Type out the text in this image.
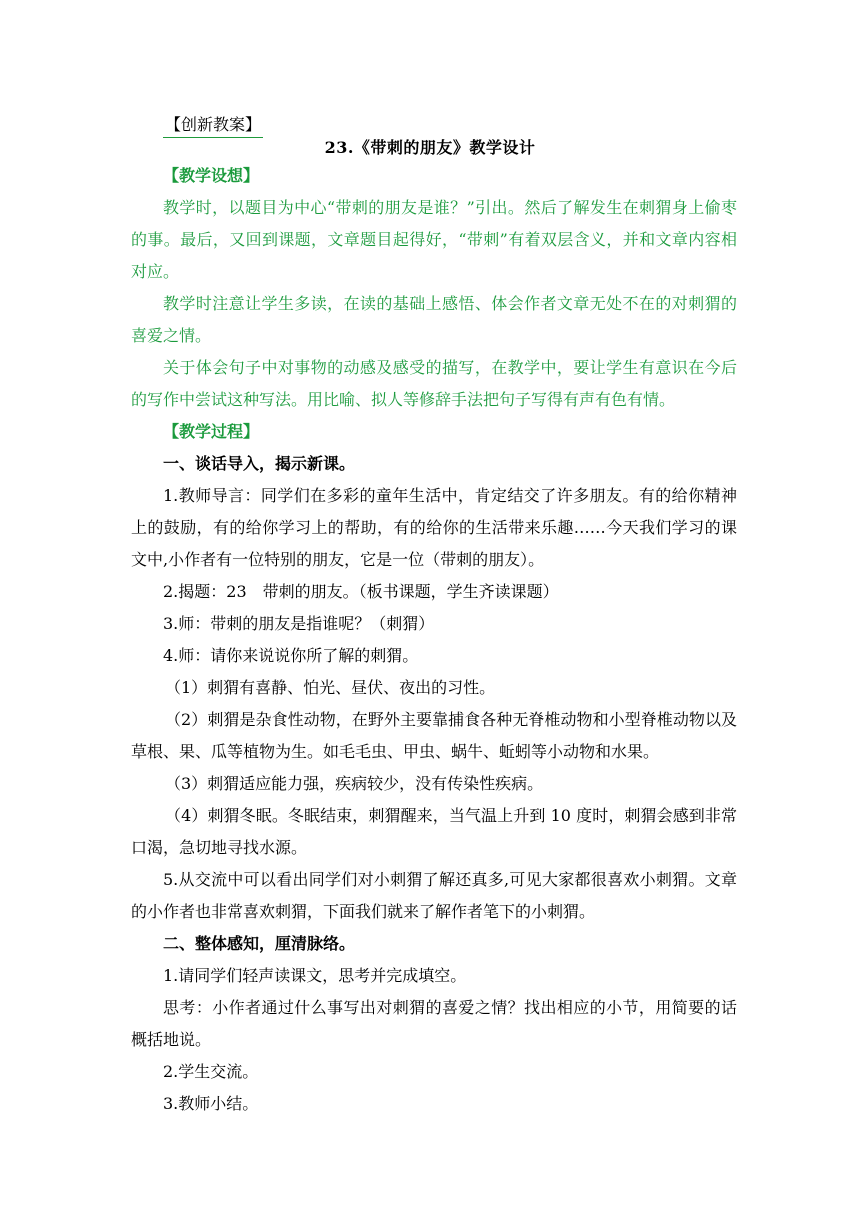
【创新教案】
23.《带刺的朋友》教学设计

【教学设想】

教学时，以题目为中心“带刺的朋友是谁？”引出。然后了解发生在刺猬身上偷枣的事。最后，又回到课题，文章题目起得好，“带刺”有着双层含义，并和文章内容相对应。

教学时注意让学生多读，在读的基础上感悟、体会作者文章无处不在的对刺猬的喜爱之情。

关于体会句子中对事物的动感及感受的描写，在教学中，要让学生有意识在今后的写作中尝试这种写法。用比喻、拟人等修辞手法把句子写得有声有色有情。

【教学过程】

一、谈话导入，揭示新课。

1.教师导言：同学们在多彩的童年生活中，肯定结交了许多朋友。有的给你精神上的鼓励，有的给你学习上的帮助，有的给你的生活带来乐趣……今天我们学习的课文中,小作者有一位特别的朋友，它是一位（带刺的朋友）。

2.揭题：23　带刺的朋友。（板书课题，学生齐读课题）

3.师：带刺的朋友是指谁呢？（刺猬）

4.师：请你来说说你所了解的刺猬。

（1）刺猬有喜静、怕光、昼伏、夜出的习性。

（2）刺猬是杂食性动物，在野外主要靠捕食各种无脊椎动物和小型脊椎动物以及草根、果、瓜等植物为生。如毛毛虫、甲虫、蜗牛、蚯蚓等小动物和水果。

（3）刺猬适应能力强，疾病较少，没有传染性疾病。

（4）刺猬冬眠。冬眠结束，刺猬醒来，当气温上升到 10 度时，刺猬会感到非常口渴，急切地寻找水源。

5.从交流中可以看出同学们对小刺猬了解还真多,可见大家都很喜欢小刺猬。文章的小作者也非常喜欢刺猬，下面我们就来了解作者笔下的小刺猬。

二、整体感知，厘清脉络。

1.请同学们轻声读课文，思考并完成填空。

思考：小作者通过什么事写出对刺猬的喜爱之情？找出相应的小节，用简要的话概括地说。

2.学生交流。

3.教师小结。
